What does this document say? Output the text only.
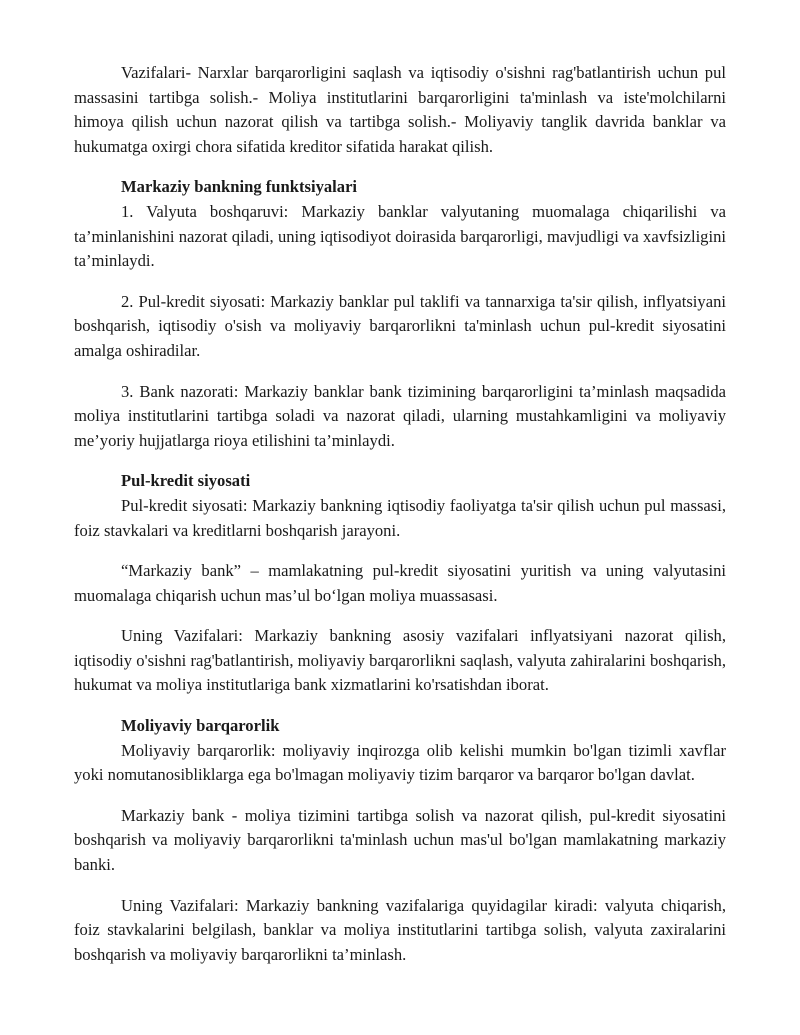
Vazifalari- Narxlar barqarorligini saqlash va iqtisodiy o'sishni rag'batlantirish uchun pul massasini tartibga solish.- Moliya institutlarini barqarorligini ta'minlash va iste'molchilarni himoya qilish uchun nazorat qilish va tartibga solish.- Moliyaviy tanglik davrida banklar va hukumatga oxirgi chora sifatida kreditor sifatida harakat qilish.

Markaziy bankning funktsiyalari

1. Valyuta boshqaruvi: Markaziy banklar valyutaning muomalaga chiqarilishi va ta’minlanishini nazorat qiladi, uning iqtisodiyot doirasida barqarorligi, mavjudligi va xavfsizligini ta’minlaydi.

2. Pul-kredit siyosati: Markaziy banklar pul taklifi va tannarxiga ta'sir qilish, inflyatsiyani boshqarish, iqtisodiy o'sish va moliyaviy barqarorlikni ta'minlash uchun pul-kredit siyosatini amalga oshiradilar.

3. Bank nazorati: Markaziy banklar bank tizimining barqarorligini ta’minlash maqsadida moliya institutlarini tartibga soladi va nazorat qiladi, ularning mustahkamligini va moliyaviy me’yoriy hujjatlarga rioya etilishini ta’minlaydi.

Pul-kredit siyosati

Pul-kredit siyosati: Markaziy bankning iqtisodiy faoliyatga ta'sir qilish uchun pul massasi, foiz stavkalari va kreditlarni boshqarish jarayoni.

“Markaziy bank” – mamlakatning pul-kredit siyosatini yuritish va uning valyutasini muomalaga chiqarish uchun mas’ul bo‘lgan moliya muassasasi.

Uning Vazifalari: Markaziy bankning asosiy vazifalari inflyatsiyani nazorat qilish, iqtisodiy o'sishni rag'batlantirish, moliyaviy barqarorlikni saqlash, valyuta zahiralarini boshqarish, hukumat va moliya institutlariga bank xizmatlarini ko'rsatishdan iborat.

Moliyaviy barqarorlik

Moliyaviy barqarorlik: moliyaviy inqirozga olib kelishi mumkin bo'lgan tizimli xavflar yoki nomutanosibliklarga ega bo'lmagan moliyaviy tizim barqaror va barqaror bo'lgan davlat.

Markaziy bank - moliya tizimini tartibga solish va nazorat qilish, pul-kredit siyosatini boshqarish va moliyaviy barqarorlikni ta'minlash uchun mas'ul bo'lgan mamlakatning markaziy banki.

Uning Vazifalari: Markaziy bankning vazifalariga quyidagilar kiradi: valyuta chiqarish, foiz stavkalarini belgilash, banklar va moliya institutlarini tartibga solish, valyuta zaxiralarini boshqarish va moliyaviy barqarorlikni ta’minlash.
